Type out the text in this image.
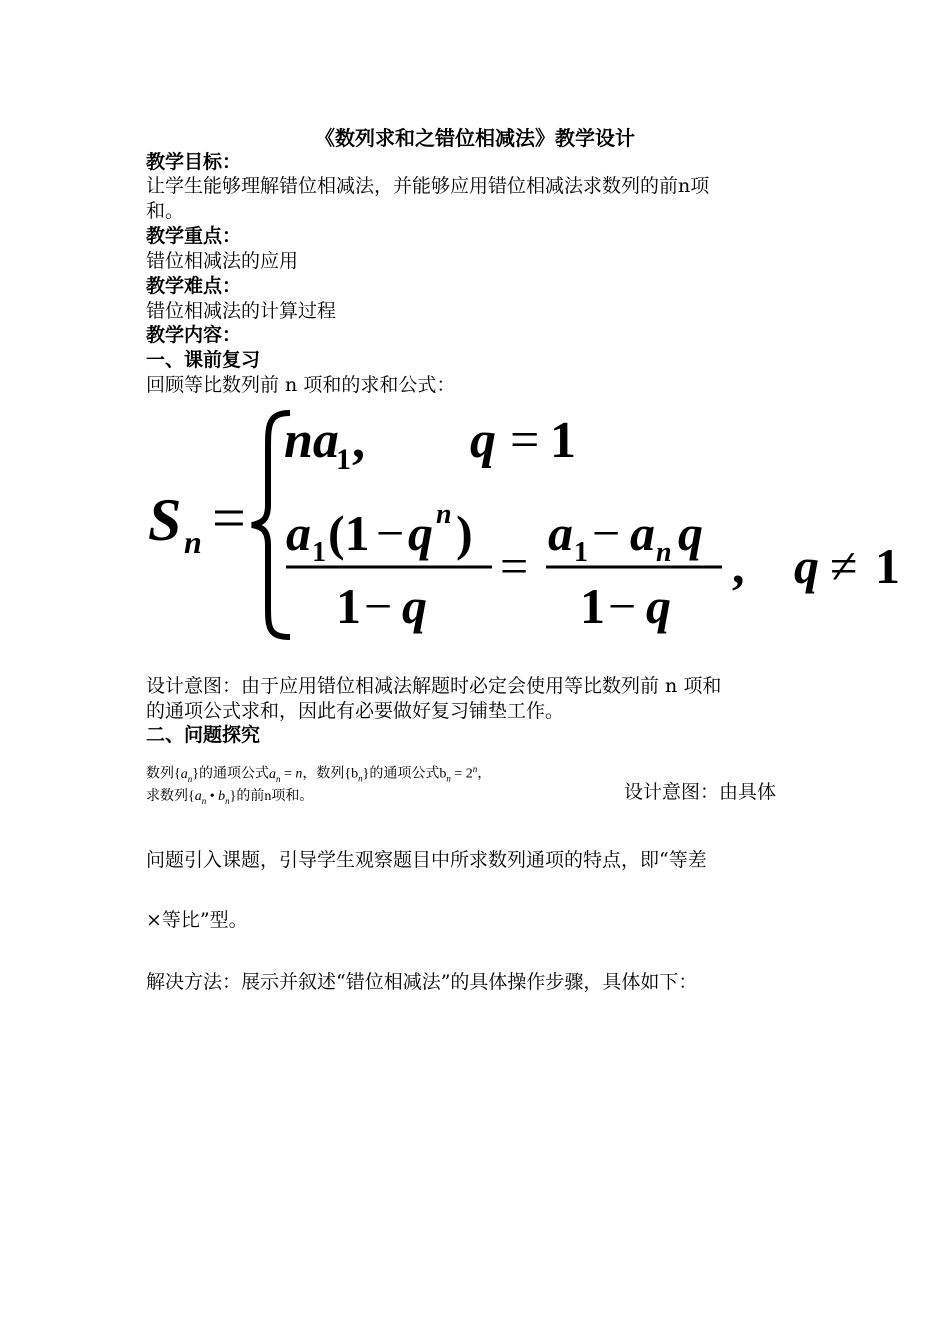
《数列求和之错位相减法》教学设计
教学目标：
让学生能够理解错位相减法，并能够应用错位相减法求数列的前n项
和。
教学重点：
错位相减法的应用
教学难点：
错位相减法的计算过程
教学内容：
一、课前复习
回顾等比数列前 n 项和的求和公式：
S n =
na
1 , q = 1
a 1 (1 − q n )
1 − q
=
a 1 − a n q
1 − q
, q ≠ 1
设计意图：由于应用错位相减法解题时必定会使用等比数列前 n 项和
的通项公式求和，因此有必要做好复习铺垫工作。
二、问题探究
数列$\{a_n\}$的通项公式$a_n = n$，数列$\{b_n\}$的通项公式$b_n = 2^n$，
求数列{$a_n$ • $b_n$}的前n项和。	设计意图：由具体
问题引入课题，引导学生观察题目中所求数列通项的特点，即“等差
×等比”型。
解决方法：展示并叙述“错位相减法”的具体操作步骤，具体如下：
